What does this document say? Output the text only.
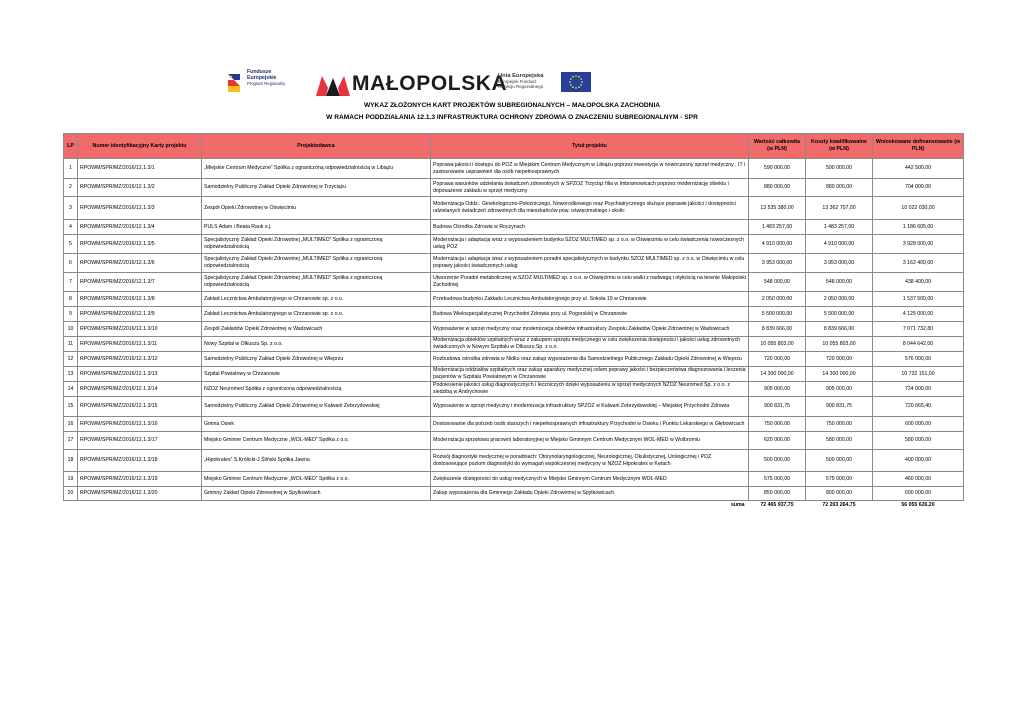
Fundusze
Europejskie
Program Regionalny	MAŁOPOLSKA
Unia Europejska
Europejski Fundusz
Rozwoju Regionalnego
WYKAZ ZŁOŻONYCH KART PROJEKTÓW SUBREGIONALNYCH – MAŁOPOLSKA ZACHODNIA
W RAMACH PODDZIAŁANIA 12.1.3 INFRASTRUKTURA OCHRONY ZDROWIA O ZNACZENIU SUBREGIONALNYM - SPR
LP	Numer identyfikacyjny Karty projektu	Projektodawca	Tytuł projektu	Wartość całkowita (w PLN)	Koszty kwalifikowalne (w PLN)	Wnioskowane dofinansowanie (w PLN)
1	RPOWM/SPR/MZ/2016/12.1.3/1	„Miejskie Centrum Medyczne” Spółka z ograniczoną odpowiedzialnością w Libiążu	Poprawa jakości i dostępu do POZ w Miejskim Centrum Medycznym w Libiążu poprzez inwestycje w nowoczesny sprzęt medyczny , IT i zastosowanie usprawnień dla osób niepełnosprawnych	590 000,00	590 000,00	442 500,00
2	RPOWM/SPR/MZ/2016/12.1.3/2	Samodzielny Publiczny Zakład Opieki Zdrowotnej w Trzyciążu	Poprawa warunków udzielania świadczeń zdrowotnych w SPZOZ Trzyciąż filia w Imbramowicach poprzez modernizację obiektu i doposażenie zakładu w sprzęt medyczny	880 000,00	880 000,00	704 000,00
3	RPOWM/SPR/MZ/2016/12.1.3/3	Zespół Opieki Zdrowotnej w Oświęcimiu	Modernizacja Oddz.: Ginekologiczno-Położniczego, Noworodkowego oraz Psychiatrycznego służące poprawie jakości i dostępności udzielanych świadczeń zdrowotnych dla mieszkańców pow. oświęcimskiego i okolic	13 535 380,00	13 362 707,00	10 022 030,00
4	RPOWM/SPR/MZ/2016/12.1.3/4	PULS Adam i Beata Rauk s.j.	Budowa Ośrodka Zdrowia w Roczynach	1 483 257,00	1 483 257,00	1 186 605,00
5	RPOWM/SPR/MZ/2016/12.1.3/5	Specjalistyczny Zakład Opieki Zdrowotnej „MULTIMED” Spółka z ograniczoną odpowiedzialnością	Modernizacja i adaptacja wraz z wyposażeniem budynku SZOZ MULTIMED sp. z o.o. w Oświęcimiu w celu świadczenia nowoczesnych usług POZ	4 910 000,00	4 910 000,00	3 928 000,00
6	RPOWM/SPR/MZ/2016/12.1.3/6	Specjalistyczny Zakład Opieki Zdrowotnej „MULTIMED” Spółka z ograniczoną odpowiedzialnością	Modernizacja i adaptacja wraz z wyposażeniem poradni specjalistycznych w budynku SZOZ MULTIMED sp. z o.o. w Oświęcimiu w celu poprawy jakości świadczonych usług	3 953 000,00	3 953 000,00	3 162 400,00
7	RPOWM/SPR/MZ/2016/12.1.3/7	Specjalistyczny Zakład Opieki Zdrowotnej „MULTIMED” Spółka z ograniczoną odpowiedzialnością	Utworzenie Poradni metabolicznej w SZOZ MULTIMED sp. z o.o. w Oświęcimiu w celu walki z nadwagą i otyłością na terenie Małopolski Zachodniej	548 000,00	548 000,00	438 400,00
8	RPOWM/SPR/MZ/2016/12.1.3/8	Zakład Lecznictwa Ambulatoryjnego w Chrzanowie sp. z o.o.	Przebudowa budynku Zakładu Lecznictwa Ambulatoryjnego przy ul. Sokoła 19 w Chrzanowie	2 050 000,00	2 050 000,00	1 537 500,00
9	RPOWM/SPR/MZ/2016/12.1.3/9	Zakład Lecznictwa Ambulatoryjnego w Chrzanowie sp. z o.o.	Budowa Wielospecjalistycznej Przychodni Zdrowia przy ul. Pogorskiej w Chrzanowie	5 500 000,00	5 500 000,00	4 125 000,00
10	RPOWM/SPR/MZ/2016/12.1.3/10	Zespół Zakładów Opieki Zdrowotnej w Wadowicach	Wyposażenie w sprzęt medyczny oraz modernizacja obiektów infrastruktury Zespołu Zakładów Opieki Zdrowotnej w Wadowicach	8 839 666,00	8 839 666,00	7 071 732,80
11	RPOWM/SPR/MZ/2016/12.1.3/11	Nowy Szpital w Olkuszu Sp. z o.o.	Modernizacja obiektów szpitalnych wraz z zakupem sprzętu medycznego w celu zwiększenia dostępności i jakości usług zdrowotnych świadczonych w Nowym Szpitalu w Olkuszu Sp. z o.o.	10 055 803,00	10 055 803,00	8 044 642,00
12	RPOWM/SPR/MZ/2016/12.1.3/12	Samodzielny Publiczny Zakład Opieki Zdrowotnej w Wieprzu	Rozbudowa ośrodka zdrowia w Nidku oraz zakup wyposażenia dla Samodzielnego Publicznego Zakładu Opieki Zdrowotnej w Wieprzu	720 000,00	720 000,00	576 000,00
13	RPOWM/SPR/MZ/2016/12.1.3/13	Szpital Powiatowy w Chrzanowie	Modernizacja oddziałów szpitalnych oraz zakup aparatury medycznej celem poprawy jakości i bezpieczeństwa diagnozowania i leczenia pacjentów w Szpitalu Powiatowym w Chrzanowie	14 300 000,00	14 300 000,00	10 732 151,00
14	RPOWM/SPR/MZ/2016/12.1.3/14	NZOZ Neuromed Spółka z ograniczoną odpowiedzialnością	Podniesienie jakości usług diagnostycznych i leczniczych dzięki wyposażeniu w sprzęt medycznych NZOZ Neuromed Sp. z o.o. z siedzibą w Andrychowie	905 000,00	905 000,00	724 000,00
15	RPOWM/SPR/MZ/2016/12.1.3/15	Samodzielny Publiczny Zakład Opieki Zdrowotnej w Kalwarii Zebrzydowskiej	Wyposażenie w sprzęt medyczny i modernizacja infrastruktury SPZOZ w Kalwarii Zebrzydowskiej – Miejskiej Przychodni Zdrowia	900 831,75	900 831,75	720 665,40
16	RPOWM/SPR/MZ/2016/12.1.3/16	Gmina Osiek	Dostosowanie dla potrzeb osób starszych i niepełnosprawnych infrastruktury Przychodni w Osieku i Punktu Lekarskiego w Głębowicach	750 000,00	750 000,00	600 000,00
17	RPOWM/SPR/MZ/2016/12.1.3/17	Miejsko Gminne Centrum Medyczne „WOL-MED” Spółka z o.o.	Modernizacja sprzętowa pracowni laboratoryjnej w Miejsko Gminnym Centrum Medycznym WOL-MED w Wolbromiu	620 000,00	580 000,00	580 000,00
18	RPOWM/SPR/MZ/2016/12.1.3/18	„Hipokrates” S.Królicki-J.Śliński Spółka Jawna	Rozwój diagnostyki medycznej w poradniach: Otorynolaryngologicznej, Neurologicznej, Okulistycznej, Urologicznej i POZ dostosowujące poziom diagnostyki do wymagań współczesnej medycyny w NZOZ Hipokrates w Kętach	500 000,00	500 000,00	400 000,00
19	RPOWM/SPR/MZ/2016/12.1.3/19	Miejsko Gminne Centrum Medyczne „WOL-MED” Spółka z o.o.	Zwiększenie dostępności do usług medycznych w Miejsko Gminnym Centrum Medycznym WOL-MED	575 000,00	575 000,00	460 000,00
20	RPOWM/SPR/MZ/2016/12.1.3/20	Gminny Zakład Opieki Zdrowotnej w Spytkowicach	Zakup wyposażenia dla Gminnego Zakładu Opieki Zdrowotnej w Spytkowicach	850 000,00	800 000,00	600 000,00
			suma	72 465 937,75	72 203 264,75	56 055 626,20
